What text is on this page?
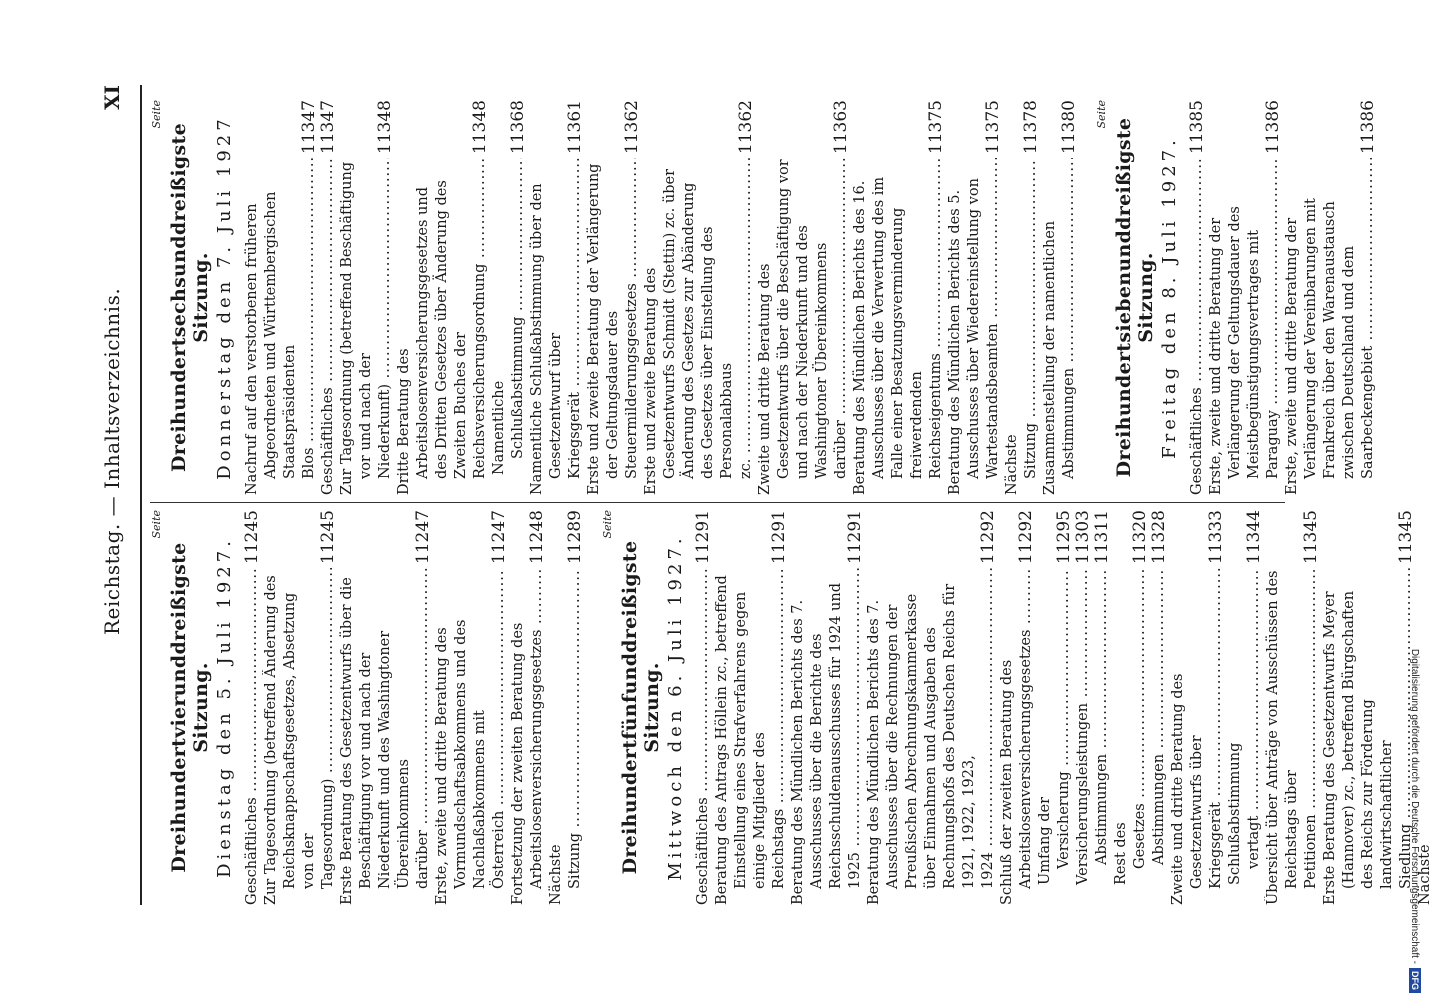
Reichstag. — Inhaltsverzeichnis.
XI
Seite
Dreihundertvierunddreißigste Sitzung. Dienstag den 5. Juli 1927. Geschäftliches .....
11245
Zur Tagesordnung (betreffend Änderung des Reichsknappschaftsgesetzes, Absetzung von der Tagesordnung) .....
11245
Erste Beratung des Gesetzentwurfs über die Beschäftigung vor und nach der Niederkunft und des Washingtoner Übereinkommens darüber .....
11247
Erste, zweite und dritte Beratung des Vormundschaftsabkommens und des Nachlaßabkommens mit Österreich .....
11247
Fortsetzung der zweiten Beratung des Arbeitslosenversicherungsgesetzes .....
11248
Nächste Sitzung .....
11289 Seite
Dreihundertfünfunddreißigste Sitzung. Mittwoch den 6. Juli 1927. Geschäftliches .....
11291
Beratung des Antrags Höllein zc., betreffend Einstellung eines Strafverfahrens gegen einige Mitglieder des Reichstags .....
11291
Beratung des Mündlichen Berichts des 7. Ausschusses über die Berichte des Reichsschuldenausschusses für 1924 und 1925 .....
11291
Beratung des Mündlichen Berichts des 7. Ausschusses über die Rechnungen der Preußischen Abrechnungskammerkasse über Einnahmen und Ausgaben des Rechnungshofs des Deutschen Reichs für 1921, 1922, 1923, 1924 .....
11292
Schluß der zweiten Beratung des Arbeitslosenversicherungsgesetzes .....
11292
Umfang der Versicherung .....
11295
Versicherungsleistungen .....
11303
Abstimmungen .....
11311
Rest des Gesetzes .....
11320
Abstimmungen .....
11328
Zweite und dritte Beratung des Gesetzentwurfs über Kriegsgerät .....
11333
Schlußabstimmung vertagt .....
11344
Übersicht über Anträge von Ausschüssen des Reichstags über Petitionen .....
11345
Erste Beratung des Gesetzentwurfs Meyer (Hannover) zc., betreffend Bürgschaften des Reichs zur Förderung landwirtschaftlicher Siedlung .....
11345
Nächste .....
Seite
Dreihundertsechsunddreißigste Sitzung. Donnerstag den 7. Juli 1927 Nachruf auf den verstorbenen früheren Abgeordneten und Württembergischen Staatspräsidenten Blos .....
11347
Geschäftliches .....
11347
Zur Tagesordnung (betreffend Beschäftigung vor und nach der Niederkunft) .....
11348
Dritte Beratung des Arbeitslosenversicherungsgesetzes und des Dritten Gesetzes über Änderung des Zweiten Buches der Reichsversicherungsordnung .....
11348
Namentliche Schlußabstimmung .....
11368
Namentliche Schlußabstimmung über den Gesetzentwurf über Kriegsgerät .....
11361
Erste und zweite Beratung der Verlängerung der Geltungsdauer des Steuermilderungsgesetzes .....
11362
Erste und zweite Beratung des Gesetzentwurfs Schmidt (Stettin) zc. über Änderung des Gesetzes zur Abänderung des Gesetzes über Einstellung des Personalabbaus zc. .....
11362
Zweite und dritte Beratung des Gesetzentwurfs über die Beschäftigung vor und nach der Niederkunft und des Washingtoner Übereinkommens darüber .....
11363
Beratung des Mündlichen Berichts des 16. Ausschusses über die Verwertung des im Falle einer Besatzungsverminderung freiwerdenden Reichseigentums .....
11375
Beratung des Mündlichen Berichts des 5. Ausschusses über Wiedereinstellung von Wartestandsbeamten .....
11375
Nächste Sitzung .....
11378
Zusammenstellung der namentlichen Abstimmungen .....
11380 Seite
Dreihundertsiebenunddreißigste Sitzung. Freitag den 8. Juli 1927. Geschäftliches .....
11385
Erste, zweite und dritte Beratung der Verlängerung der Geltungsdauer des Meistbegünstigungsvertrages mit Paraguay .....
11386
Erste, zweite und dritte Beratung der Verlängerung der Vereinbarungen mit Frankreich über den Warenaustausch zwischen Deutschland und dem Saarbeckengebiet .....
11386
Digitalisierung gefördert durch die Deutsche Forschungsgemeinschaft -
DFG
